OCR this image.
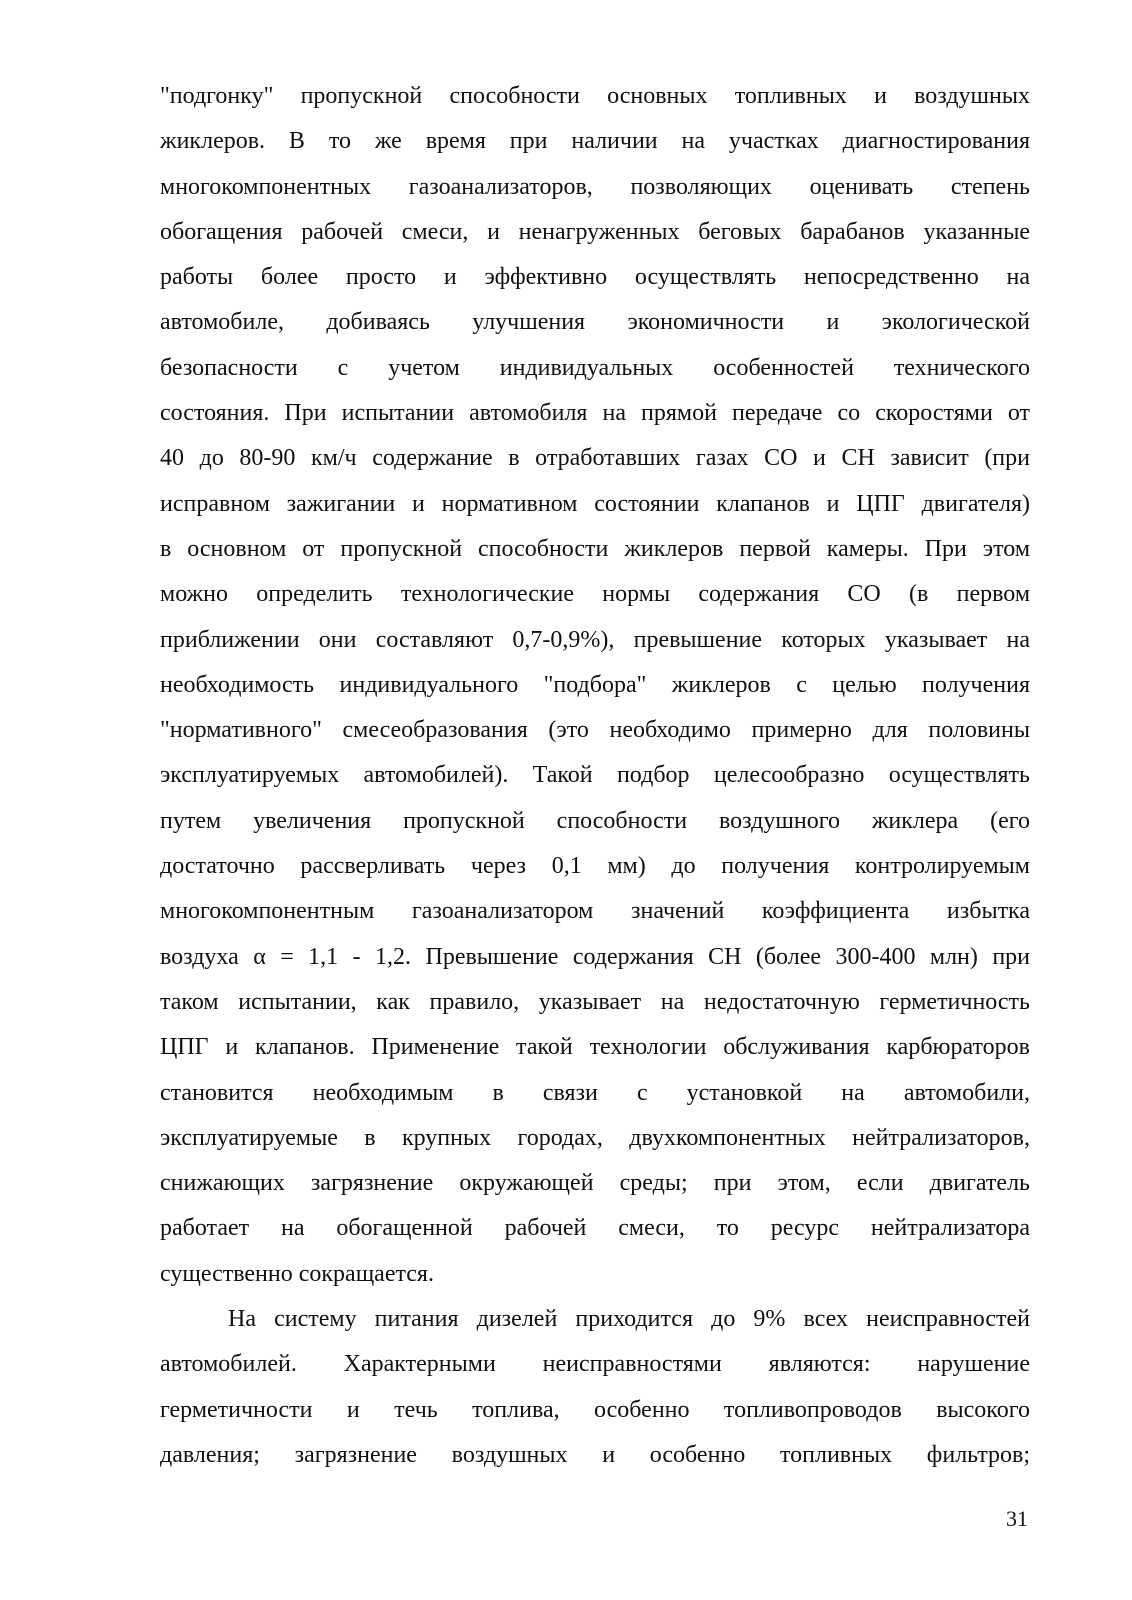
"подгонку" пропускной способности основных топливных и воздушных
жиклеров. В то же время при наличии на участках диагностирования
многокомпонентных газоанализаторов, позволяющих оценивать степень
обогащения рабочей смеси, и ненагруженных беговых барабанов указанные
работы более просто и эффективно осуществлять непосредственно на
автомобиле, добиваясь улучшения экономичности и экологической
безопасности с учетом индивидуальных особенностей технического
состояния. При испытании автомобиля на прямой передаче со скоростями от
40 до 80-90 км/ч содержание в отработавших газах СО и СН зависит (при
исправном зажигании и нормативном состоянии клапанов и ЦПГ двигателя)
в основном от пропускной способности жиклеров первой камеры. При этом
можно определить технологические нормы содержания СО (в первом
приближении они составляют 0,7-0,9%), превышение которых указывает на
необходимость индивидуального "подбора" жиклеров с целью получения
"нормативного" смесеобразования (это необходимо примерно для половины
эксплуатируемых автомобилей). Такой подбор целесообразно осуществлять
путем увеличения пропускной способности воздушного жиклера (его
достаточно рассверливать через 0,1 мм) до получения контролируемым
многокомпонентным газоанализатором значений коэффициента избытка
воздуха α = 1,1 - 1,2. Превышение содержания СН (более 300-400 млн) при
таком испытании, как правило, указывает на недостаточную герметичность
ЦПГ и клапанов. Применение такой технологии обслуживания карбюраторов
становится необходимым в связи с установкой на автомобили,
эксплуатируемые в крупных городах, двухкомпонентных нейтрализаторов,
снижающих загрязнение окружающей среды; при этом, если двигатель
работает на обогащенной рабочей смеси, то ресурс нейтрализатора
существенно сокращается.
На систему питания дизелей приходится до 9% всех неисправностей
автомобилей. Характерными неисправностями являются: нарушение
герметичности и течь топлива, особенно топливопроводов высокого
давления; загрязнение воздушных и особенно топливных фильтров;
31
